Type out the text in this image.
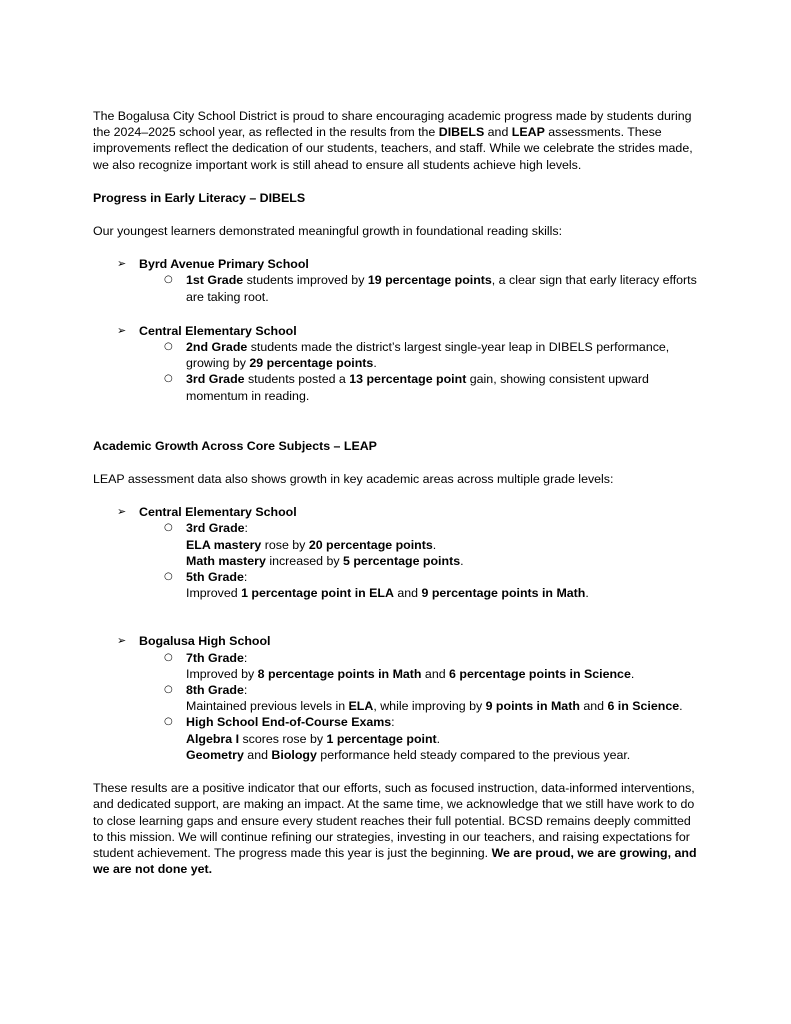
The Bogalusa City School District is proud to share encouraging academic progress made by students during the 2024–2025 school year, as reflected in the results from the DIBELS and LEAP assessments. These improvements reflect the dedication of our students, teachers, and staff. While we celebrate the strides made, we also recognize important work is still ahead to ensure all students achieve high levels.

Progress in Early Literacy – DIBELS

Our youngest learners demonstrated meaningful growth in foundational reading skills:

➢ Byrd Avenue Primary School
○ 1st Grade students improved by 19 percentage points, a clear sign that early literacy efforts are taking root.
➢ Central Elementary School
○ 2nd Grade students made the district’s largest single-year leap in DIBELS performance, growing by 29 percentage points.
○ 3rd Grade students posted a 13 percentage point gain, showing consistent upward momentum in reading.

Academic Growth Across Core Subjects – LEAP

LEAP assessment data also shows growth in key academic areas across multiple grade levels:

➢ Central Elementary School
○ 3rd Grade:
ELA mastery rose by 20 percentage points.
Math mastery increased by 5 percentage points.
○ 5th Grade:
Improved 1 percentage point in ELA and 9 percentage points in Math.
➢ Bogalusa High School
○ 7th Grade:
Improved by 8 percentage points in Math and 6 percentage points in Science.
○ 8th Grade:
Maintained previous levels in ELA, while improving by 9 points in Math and 6 in Science.
○ High School End-of-Course Exams:
Algebra I scores rose by 1 percentage point.
Geometry and Biology performance held steady compared to the previous year.

These results are a positive indicator that our efforts, such as focused instruction, data-informed interventions, and dedicated support, are making an impact. At the same time, we acknowledge that we still have work to do to close learning gaps and ensure every student reaches their full potential. BCSD remains deeply committed to this mission. We will continue refining our strategies, investing in our teachers, and raising expectations for student achievement. The progress made this year is just the beginning. We are proud, we are growing, and we are not done yet.
